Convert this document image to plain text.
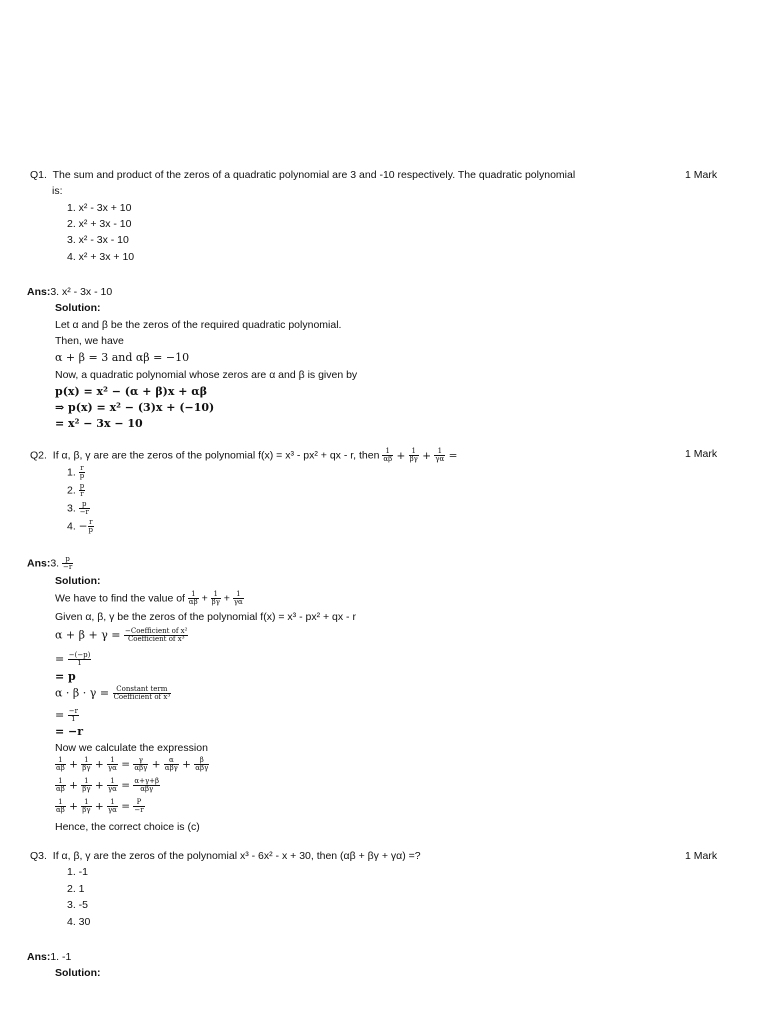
Q1. The sum and product of the zeros of a quadratic polynomial are 3 and -10 respectively. The quadratic polynomial
is:
1 Mark
1. x² - 3x + 10
2. x² + 3x - 10
3. x² - 3x - 10
4. x² + 3x + 10
Ans:3. x² - 3x - 10
Solution:
Let α and β be the zeros of the required quadratic polynomial.
Then, we have
α + β = 3 and αβ = −10
Now, a quadratic polynomial whose zeros are α and β is given by
p(x) = x² − (α + β)x + αβ
⇒ p(x) = x² − (3)x + (−10)
= x² − 3x − 10
Q2. If α, β, γ are are the zeros of the polynomial f(x) = x³ - px² + qx - r, then $\frac{1}{\alpha\beta} + \frac{1}{\beta\gamma} + \frac{1}{\gamma\alpha}$ =	1 Mark
1. $\frac{r}{p}$
2. $\frac{p}{r}$
3. $\frac{p}{-r}$
4. − $\frac{r}{p}$
Ans:3. $\frac{p}{-r}$
Solution:
We have to find the value of $\frac{1}{\alpha\beta} + \frac{1}{\beta\gamma} + \frac{1}{\gamma\alpha}$
Given α, β, γ be the zeros of the polynomial f(x) = x³ - px² + qx - r
$\alpha + \beta + \gamma = \frac{\text{−Coefficient of x²}}{\text{Coefficient of x³}}$
= $\frac{-(-p)}{1}$
= p
$\alpha \cdot \beta \cdot \gamma = \frac{\text{Constant term}}{\text{Coefficient of x³}}$
= $\frac{-r}{1}$
= −r
Now we calculate the expression
$\frac{1}{\alpha\beta} + \frac{1}{\beta\gamma} + \frac{1}{\gamma\alpha} = \frac{\gamma}{\text{αβγ}} + \frac{\alpha}{\text{αβγ}} + \frac{\beta}{\text{αβγ}}$
$\frac{1}{\alpha\beta} + \frac{1}{\beta\gamma} + \frac{1}{\gamma\alpha} = \frac{\alpha+\gamma+\beta}{\text{αβγ}}$
$\frac{1}{\alpha\beta} + \frac{1}{\beta\gamma} + \frac{1}{\gamma\alpha} = \frac{P}{-r}$
Hence, the correct choice is (c)
Q3. If α, β, γ are the zeros of the polynomial x³ - 6x² - x + 30, then (αβ + βγ + γα) =?	1 Mark
1. -1
2. 1
3. -5
4. 30
Ans:1. -1
Solution:
